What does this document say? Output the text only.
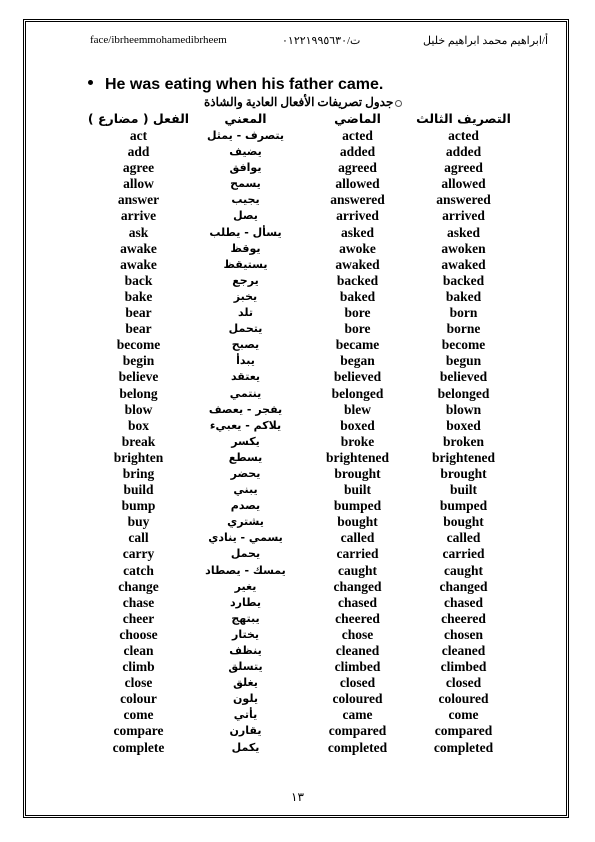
face/ibrheemmohamedibrheem	ت/٠١٢٢١٩٩٥٦٣٠	أ/ابراهيم محمد ابراهيم خليل
He was eating when his father came.
جدول تصريفات الأفعال العادية والشاذة
الفعل ( مضارع )	المعني	الماضي	التصريف الثالث
act	يتصرف - يمثل	acted	acted
add	يضيف	added	added
agree	يوافق	agreed	agreed
allow	يسمح	allowed	allowed
answer	يجيب	answered	answered
arrive	يصل	arrived	arrived
ask	يسأل - يطلب	asked	asked
awake	يوقظ	awoke	awoken
awake	يستيقظ	awaked	awaked
back	يرجع	backed	backed
bake	يخبز	baked	baked
bear	تلد	bore	born
bear	يتحمل	bore	borne
become	يصبح	became	become
begin	يبدأ	began	begun
believe	يعتقد	believed	believed
belong	ينتمي	belonged	belonged
blow	يفجر - يعصف	blew	blown
box	يلاكم - يعبيء	boxed	boxed
break	يكسر	broke	broken
brighten	يسطع	brightened	brightened
bring	يحضر	brought	brought
build	يبني	built	built
bump	يصدم	bumped	bumped
buy	يشتري	bought	bought
call	يسمي - ينادي	called	called
carry	يحمل	carried	carried
catch	يمسك - يصطاد	caught	caught
change	يغير	changed	changed
chase	يطارد	chased	chased
cheer	يبتهج	cheered	cheered
choose	يختار	chose	chosen
clean	ينظف	cleaned	cleaned
climb	يتسلق	climbed	climbed
close	يغلق	closed	closed
colour	يلون	coloured	coloured
come	يأتي	came	come
compare	يقارن	compared	compared
complete	يكمل	completed	completed
١٣
